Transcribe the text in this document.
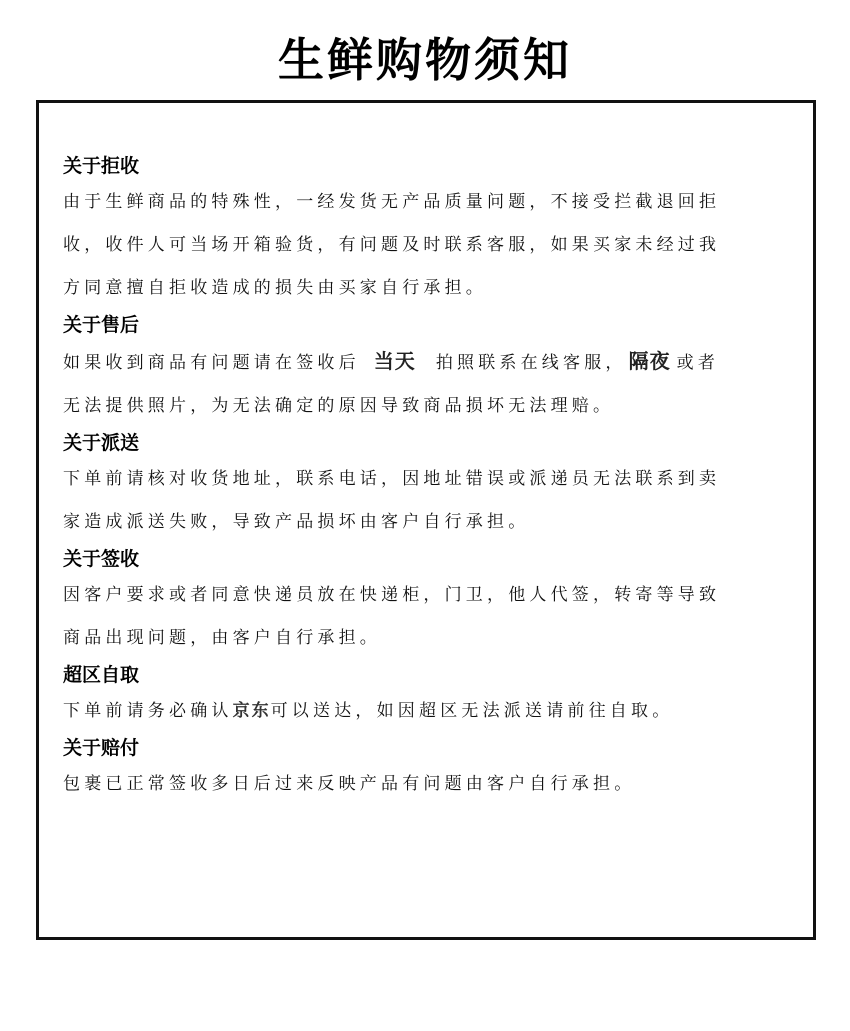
生鲜购物须知
关于拒收
由于生鲜商品的特殊性，一经发货无产品质量问题，不接受拦截退回拒
收，收件人可当场开箱验货，有问题及时联系客服，如果买家未经过我
方同意擅自拒收造成的损失由买家自行承担。
关于售后
如果收到商品有问题请在签收后 当天 拍照联系在线客服， 隔夜 或者
无法提供照片，为无法确定的原因导致商品损坏无法理赔。
关于派送
下单前请核对收货地址，联系电话，因地址错误或派递员无法联系到卖
家造成派送失败，导致产品损坏由客户自行承担。
关于签收
因客户要求或者同意快递员放在快递柜，门卫，他人代签，转寄等导致
商品出现问题，由客户自行承担。
超区自取
下单前请务必确认京东可以送达，如因超区无法派送请前往自取。
关于赔付
包裹已正常签收多日后过来反映产品有问题由客户自行承担。
